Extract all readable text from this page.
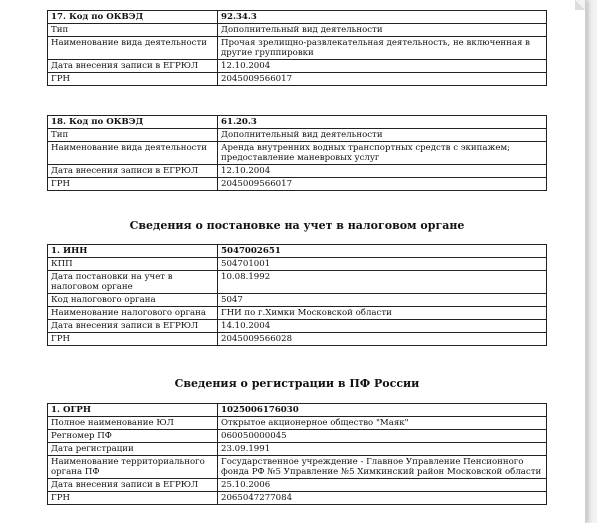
17. Код по ОКВЭД	92.34.3
Тип	Дополнительный вид деятельности
Наименование вида деятельности	Прочая зрелищно-развлекательная деятельность, не включенная в другие группировки
Дата внесения записи в ЕГРЮЛ	12.10.2004
ГРН	2045009566017
18. Код по ОКВЭД	61.20.3
Тип	Дополнительный вид деятельности
Наименование вида деятельности	Аренда внутренних водных транспортных средств с экипажем; предоставление маневровых услуг
Дата внесения записи в ЕГРЮЛ	12.10.2004
ГРН	2045009566017
Сведения о постановке на учет в налоговом органе
1. ИНН	5047002651
КПП	504701001
Дата постановки на учет в налоговом органе	10.08.1992
Код налогового органа	5047
Наименование налогового органа	ГНИ по г.Химки Московской области
Дата внесения записи в ЕГРЮЛ	14.10.2004
ГРН	2045009566028
Сведения о регистрации в ПФ России
1. ОГРН	1025006176030
Полное наименование ЮЛ	Открытое акционерное общество "Маяк"
Регномер ПФ	060050000045
Дата регистрации	23.09.1991
Наименование территориального органа ПФ	Государственное учреждение - Главное Управление Пенсионного фонда РФ №5 Управление №5 Химкинский район Московской области
Дата внесения записи в ЕГРЮЛ	25.10.2006
ГРН	2065047277084
